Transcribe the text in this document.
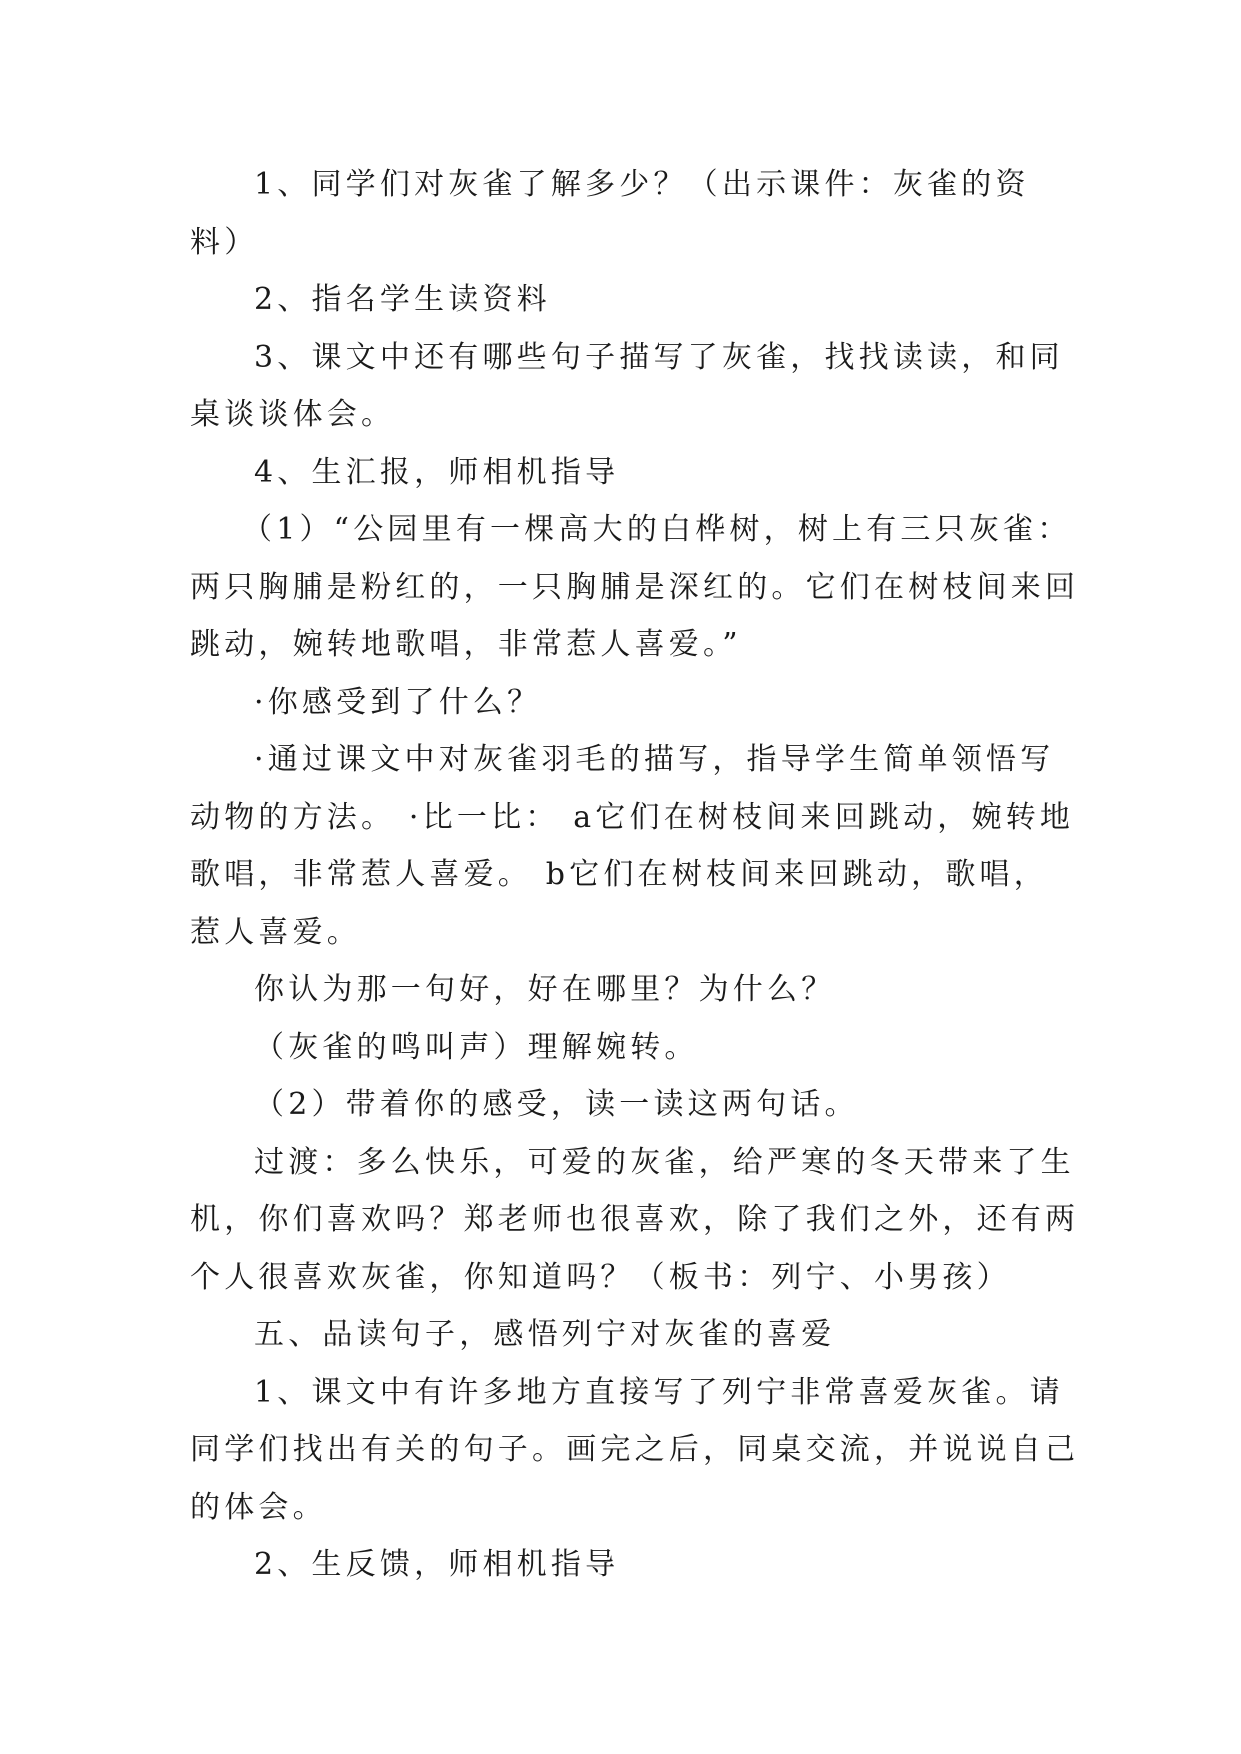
1、同学们对灰雀了解多少？（出示课件：灰雀的资料）

2、指名学生读资料

3、课文中还有哪些句子描写了灰雀，找找读读，和同桌谈谈体会。

4、生汇报，师相机指导

（1）“公园里有一棵高大的白桦树，树上有三只灰雀：两只胸脯是粉红的，一只胸脯是深红的。它们在树枝间来回跳动，婉转地歌唱，非常惹人喜爱。”

·你感受到了什么？

·通过课文中对灰雀羽毛的描写，指导学生简单领悟写动物的方法。 ·比一比： a它们在树枝间来回跳动，婉转地歌唱，非常惹人喜爱。 b它们在树枝间来回跳动，歌唱，惹人喜爱。

你认为那一句好，好在哪里？为什么？

（灰雀的鸣叫声）理解婉转。

（2）带着你的感受，读一读这两句话。

过渡：多么快乐，可爱的灰雀，给严寒的冬天带来了生机，你们喜欢吗？郑老师也很喜欢，除了我们之外，还有两个人很喜欢灰雀，你知道吗？（板书：列宁、小男孩）

五、品读句子，感悟列宁对灰雀的喜爱

1、课文中有许多地方直接写了列宁非常喜爱灰雀。请同学们找出有关的句子。画完之后，同桌交流，并说说自己的体会。

2、生反馈，师相机指导
